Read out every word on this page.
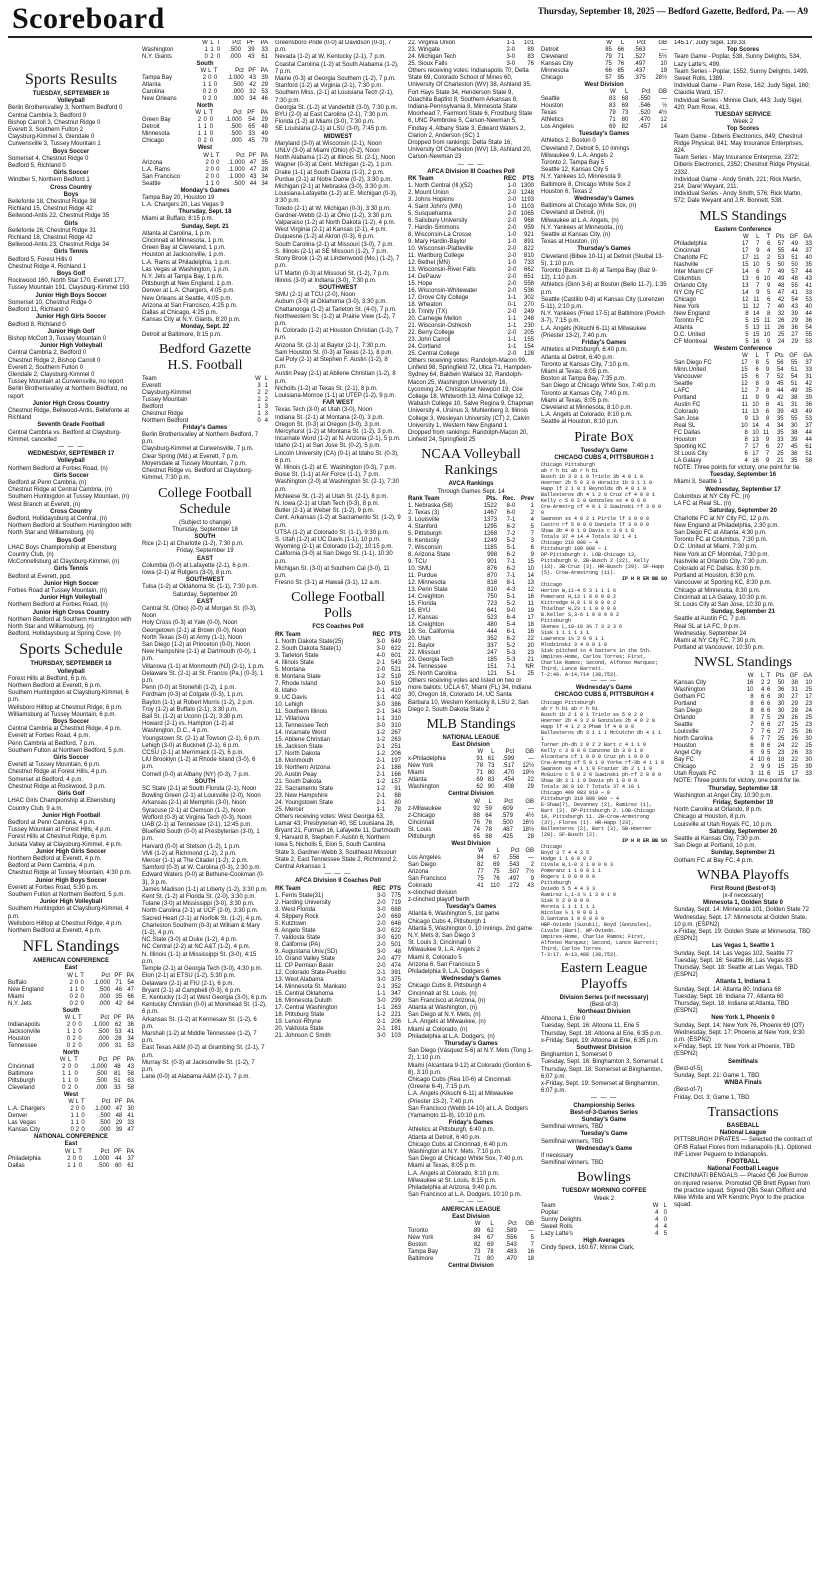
Scoreboard	Thursday, September 18, 2025 — Bedford Gazette, Bedford, Pa. — A9
Sports Results
TUESDAY, SEPTEMBER 16
Volleyball

Berlin Brothersvalley 3, Northern Bedford 0

Central Cambria 3, Bedford 0

Bishop Carroll 3, Chestnut Ridge 0

Everett 3, Southern Fulton 2

Claysburg-Kimmel 3, Glendale 0

Curwensville 3, Tussey Mountain 1

Boys Soccer

Somerset 4, Chestnut Ridge 0

Bedford 5, Richland 0

Girls Soccer

Windber 5, Northern Bedford 1

Cross Country
Boys

Bellefonte 18, Chestnut Ridge 38

Richland 15, Chestnut Ridge 42

Bellwood-Antis 22, Chestnut Ridge 35

Girls

Bellefonte 26, Chestnut Ridge 31

Richland 18, Chestnut Ridge 42

Bellwood-Antis 23, Chestnut Ridge 34

Girls Tennis

Bedford 5, Forest Hills 0

Chestnut Ridge 4, Richland 1

Boys Golf

Rockwood 160, North Star 170, Everett 177, Tussey Mountain 191, Claysburg-Kimmel 193

Junior High Boys Soccer

Somerset 10, Chestnut Ridge 0

Bedford 11, Richland 0

Junior High Girls Soccer

Bedford 8, Richland 0

Junior High Golf

Bishop McCort 3, Tussey Mountain 0

Junior High Volleyball

Central Cambria 2, Bedford 0

Chestnut Ridge 2, Bishop Carroll 0

Everett 2, Southern Fulton 0

Glendale 2, Claysburg-Kimmel 0

Tussey Mountain at Curwensville, no report

Berlin Brothersvalley at Northern Bedford, no report

Junior High Cross Country

Chestnut Ridge, Bellwood-Antis, Bellefonte at Richland

Seventh Grade Football

Central Cambria vs. Bedford at Claysburg-Kimmel, cancelled

— — —
WEDNESDAY, SEPTEMBER 17
Volleyball

Northern Bedford at Forbes Road, (n)

Girls Soccer

Bedford at Penn Cambria, (n)

Chestnut Ridge at Central Cambria, (n)

Southern Huntingdon at Tussey Mountain, (n)

West Branch at Everett, (n)

Cross Country

Bedford, Hollidaysburg at Central, (n)

Northern Bedford at Southern Huntingdon with North Star and Williamsburg, (n)

Boys Golf

LHAC Boys Championship at Ebensburg Country Club, (n)

McConnellsburg at Claysburg-Kimmel, (n)

Girls Tennis

Bedford at Everett, ppd.

Junior High Soccer

Forbes Road at Tussey Mountain, (n)

Junior High Volleyball

Northern Bedford at Forbes Road, (n)

Junior High Cross Country

Northern Bedford at Southern Huntingdon with North Star and Williamsburg, (n)

Bedford, Hollidaysburg at Spring Cove, (n)

Sports Schedule
THURSDAY, SEPTEMBER 18
Volleyball

Forest Hills at Bedford, 6 p.m.

Northern Bedford at Everett, 6 p.m.

Southern Huntingdon at Claysburg-Kimmel, 6 p.m.

Wellsboro Hilltop at Chestnut Ridge, 6 p.m.

Williamsburg at Tussey Mountain, 6 p.m.

Boys Soccer

Central Cambria at Chestnut Ridge, 4 p.m.

Everett at Forbes Road, 4 p.m.

Penn Cambria at Bedford, 7 p.m.

Southern Fulton at Northern Bedford, 5 p.m.

Girls Soccer

Everett at Tussey Mountain, 6 p.m.

Chestnut Ridge at Forest Hills, 4 p.m.

Somerset at Bedford, 4 p.m.

Chestnut Ridge at Rockwood, 3 p.m.

Girls Golf

LHAC Girls Championship at Ebensburg Country Club, 9 a.m.

Junior High Football

Bedford at Penn Cambria, 4 p.m.

Tussey Mountain at Forest Hills, 4 p.m.

Forest Hills at Chestnut Ridge, 6 p.m.

Juniata Valley at Claysburg-Kimmel, 4 p.m.

Junior High Girls Soccer

Northern Bedford at Everett, 4 p.m.

Bedford at Penn Cambria, 4 p.m.

Chestnut Ridge at Tussey Mountain, 4:30 p.m.

Junior High Boys Soccer

Everett at Forbes Road, 5:30 p.m.

Southern Fulton at Northern Bedford, 5 p.m.

Junior High Volleyball

Southern Huntingdon at Claysburg-Kimmel, 4 p.m.

Wellsboro Hilltop at Chestnut Ridge, 4 p.m.

Northern Bedford at Everett, 4 p.m.

NFL Standings
AMERICAN CONFERENCE
East
	W	L	T	Pct	PF	PA
Buffalo	2	0	0	.1.000	71	54
New England	1	1	0	.500	46	47
Miami	0	2	0	.000	35	66
N.Y. Jets	0	2	0	.000	42	64
South
	W	L	T	Pct	PF	PA
Indianapolis	2	0	0	.1.000	62	36
Jacksonville	1	1	0	.500	53	41
Houston	0	2	0	.000	28	34
Tennessee	0	2	0	.000	31	53
North
	W	L	T	Pct	PF	PA
Cincinnati	2	0	0	.1.000	48	43
Baltimore	1	1	0	.500	81	58
Pittsburgh	1	1	0	.500	51	63
Cleveland	0	2	0	.000	33	58
West
	W	L	T	Pct	PF	PA
L.A. Chargers	2	0	0	.1.000	47	30
Denver	1	1	0	.500	48	41
Las Vegas	1	1	0	.500	29	33
Kansas City	0	2	0	.000	39	47
NATIONAL CONFERENCE
East
	W	L	T	Pct	PF	PA
Philadelphia	2	0	0	.1.000	44	37
Dallas	1	1	0	.500	60	61
	W	L	T	Pct	PF	PA
Washington	1	1	0	.500	39	33
N.Y. Giants	0	2	0	.000	43	61
South
	W	L	T	Pct	PF	PA
Tampa Bay	2	0	0	.1.000	43	39
Atlanta	1	1	0	.500	42	29
Carolina	0	2	0	.000	32	53
New Orleans	0	2	0	.000	34	46
North
	W	L	T	Pct	PF	PA
Green Bay	2	0	0	.1.000	54	29
Detroit	1	1	0	.500	65	48
Minnesota	1	1	0	.500	33	49
Chicago	0	2	0	.000	45	79
West
	W	L	T	Pct	PF	PA
Arizona	2	0	0	.1.000	47	35
L.A. Rams	2	0	0	.1.000	47	28
San Francisco	2	0	0	.1.000	43	34
Seattle	1	1	0	.500	44	34
Monday's Games

Tampa Bay 20, Houston 19

L.A. Chargers 20, Las Vegas 9

Thursday, Sept. 18

Miami at Buffalo, 8:15 p.m.

Sunday, Sept. 21

Atlanta at Carolina, 1 p.m.

Cincinnati at Minnesota, 1 p.m.

Green Bay at Cleveland, 1 p.m.

Houston at Jacksonville, 1 p.m.

L.A. Rams at Philadelphia, 1 p.m.

Las Vegas at Washington, 1 p.m.

N.Y. Jets at Tampa Bay, 1 p.m.

Pittsburgh at New England, 1 p.m.

Denver at L.A. Chargers, 4:05 p.m.

New Orleans at Seattle, 4:05 p.m.

Arizona at San Francisco, 4:25 p.m.

Dallas at Chicago, 4:25 p.m.

Kansas City at N.Y. Giants, 8:20 p.m.

Monday, Sept. 22

Detroit at Baltimore, 8:15 p.m.

Bedford Gazette
H.S. Football
Team	W	L
Everett	3	1
Claysburg-Kimmel	2	2
Tussey Mountain	2	2
Bedford	1	3
Chestnut Ridge	1	3
Northern Bedford	0	4
Friday's Games

Berlin Brothersvalley at Northern Bedford, 7 p.m.

Claysburg-Kimmel at Curwensville, 7 p.m.

Clear Spring (Md.) at Everett, 7 p.m.

Moyersdale at Tussey Mountain, 7 p.m.

Chestnut Ridge vs. Bedford at Claysburg-Kimmel, 7:30 p.m.

College Football
Schedule
(Subject to change)
Thursday, September 18
SOUTH

Rice (2-1) at Charlotte (1-2), 7:30 p.m.

Friday, September 19
EAST

Columbia (0-0) at Lafayette (2-1), 6 p.m.

Iowa (2-1) at Rutgers (3-0), 8 p.m.

SOUTHWEST

Tulsa (1-2) at Oklahoma St. (1-1), 7:30 p.m.

Saturday, September 20
EAST

Central St. (Ohio) (0-0) at Morgan St. (0-3), Noon

Holy Cross (0-3) at Yale (0-0), Noon

Georgetown (2-1) at Brown (0-0), Noon

North Texas (3-0) at Army (1-1), Noon

San Diego (1-2) at Princeton (0-0), Noon

New Hampshire (2-1) at Dartmouth (0-0), 1 p.m.

Villanova (1-1) at Monmouth (NJ) (2-1), 1 p.m.

Delaware St. (2-1) at St. Francis (Pa.) (0-3), 1 p.m.

Penn (0-0) at Stonehill (1-2), 1 p.m.

Fordham (0-3) at Colgate (0-3), 1 p.m.

Bayton (1-1) at Robert Morris (1-2), 2 p.m.

Troy (1-2) at Buffalo (2-1), 3:30 p.m.

Ball St. (1-2) at Uconn (1-2), 3:30 p.m.

Howard (2-1) vs. Hampton (1-2) at Washington, D.C., 4 p.m.

Youngstown St. (2-1) at Towson (2-1), 6 p.m.

Lehigh (3-0) at Bucknell (2-1), 6 p.m.

CCSU (2-1) at Merrimack (1-2), 6 p.m.

LIU Brooklyn (1-2) at Rhode Island (3-0), 6 p.m.

Cornell (0-0) at Albany (NY) (0-3), 7 p.m.

SOUTH

SC State (2-1) at South Florida (2-1), Noon

Bowling Green (2-1) at Louisville (2-0), Noon

Arkansas (2-1) at Memphis (3-0), Noon

Syracuse (2-1) at Clemson (1-2), Noon

Wofford (0-3) at Virginia Tech (0-3), Noon

UAB (2-1) at Tennessee (2-1), 12:45 p.m.

Bluefield South (0-0) at Presbyterian (3-0), 1 p.m.

Harvard (0-0) at Stetson (1-2), 1 p.m.

VMI (1-2) at Richmond (1-2), 2 p.m.

Mercer (1-1) at The Citadel (1-2), 2 p.m.

Samford (0-3) at W. Carolina (0-3), 2:30 p.m.

Edward Waters (0-0) at Bethune-Cookman (0-3), 3 p.m.

James Madison (1-1) at Liberty (1-2), 3:30 p.m.

Kent St. (1-2) at Florida St. (2-0), 3:30 p.m.

Tulane (3-0) at Mississippi (3-0), 3:30 p.m.

North Carolina (2-1) at UCF (2-0), 3:30 p.m.

Sacred Heart (2-1) at Norfolk St. (1-2), 4 p.m.

Charleston Southern (0-3) at William & Mary (1-2), 4 p.m.

NC State (3-0) at Duke (1-2), 4 p.m.

NC Central (2-2) at NC A&T (1-2), 4 p.m.

N. Illinois (1-1) at Mississippi St. (3-0), 4:15 p.m.

Temple (2-1) at Georgia Tech (3-0), 4:30 p.m.

Elon (2-1) at ETSU (1-2), 5:30 p.m.

Delaware (2-1) at FIU (2-1), 6 p.m.

Bryant (2-1) at Campbell (0-3), 6 p.m.

E. Kentucky (1-2) at West Georgia (3-0), 6 p.m.

Kentucky Christian (0-0) at Morehead St. (1-2), 6 p.m.

Arkansas St. (1-2) at Kennesaw St. (1-2), 6 p.m.

Marshall (1-2) at Middle Tennessee (1-2), 7 p.m.

East Texas A&M (0-2) at Gramblng St. (2-1), 7 p.m.

Murray St. (0-3) at Jacksonville St. (1-2), 7 p.m.

Lane (0-0) at Alabama A&M (2-1), 7 p.m.

Greensboro Pride (0-0) at Davidson (0-3), 7 p.m.

Nevada (1-2) at W. Kentucky (2-1), 7 p.m.

Coastal Carolina (1-2) at South Alabama (1-2), 7 p.m.

Maine (0-3) at Georgia Southern (1-2), 7 p.m.

Stanford (1-2) at Virginia (2-1), 7:30 p.m.

Southern Miss. (2-1) at Louisiana Tech (2-1), 7:30 p.m.

Georgia St. (1-2) at Vanderbilt (3-0), 7:30 p.m.

BYU (2-0) at East Carolina (2-1), 7:30 p.m.

Florida (1-2) at Miami (3-0), 7:30 p.m.

SE Louisiana (2-1) at LSU (3-0), 7:45 p.m.

MIDWEST

Maryland (3-0) at Wisconsin (2-1), Noon

UNLV (3-0) at Miami (Ohio) (0-2), Noon

North Alabama (1-2) at Illinois St. (2-1), Noon

Wagner (0-3) at Cent. Michigan (1-2), 1 p.m.

Drake (1-1) at South Dakota (1-2), 2 p.m.

Purdue (2-1) at Notre Dame (0-2), 3:30 p.m.

Michigan (2-1) at Nebraska (3-0), 3:30 p.m.

Louisiana-Lafayette (1-2) at E. Michigan (0-3), 3:30 p.m.

Toledo (2-1) at W. Michigan (0-3), 3:30 p.m.

Gardner-Webb (2-1) at Ohio (1-2), 3:30 p.m.

Valparaiso (1-2) at North Dakota (1-2), 4 p.m.

West Virginia (2-1) at Kansas (2-1), 4 p.m.

Duquesne (1-2) at Akron (0-3), 6 p.m.

South Carolina (2-1) at Missouri (3-0), 7 p.m.

S. Illinois (2-1) at SE Missouri (1-2), 7 p.m.

Stony Brook (1-2) at Lindenwood (Mo.) (1-2), 7 p.m.

UT Martin (0-3) at Missouri St. (1-2), 7 p.m.

Illinois (3-0) at Indiana (3-0), 7:30 p.m.

SOUTHWEST

SMU (2-1) at TCU (2-0), Noon

Auburn (3-0) at Oklahoma (3-0), 3:30 p.m.

Chattanooga (1-2) at Tarleton St. (4-0), 7 p.m.

Northwestern St. (1-2) at Prairie View (1-2), 7 p.m.

N. Colorado (1-2) at Houston Christian (1-2), 7 p.m.

Arizona St. (2-1) at Baylor (2-1), 7:30 p.m.

Sam Houston St. (0-3) at Texas (2-1), 8 p.m.

Cal Poly (2-1) at Stephen F. Austin (1-2), 8 p.m.

Austin Peay (2-1) at Abilene Christian (1-2), 8 p.m.

Nicholls (1-2) at Texas St. (2-1), 8 p.m.

Louisiana-Monroe (1-1) at UTEP (1-2), 9 p.m.

FAR WEST

Texas Tech (3-0) at Utah (3-0), Noon

Indiana St. (2-1) at Montana (2-0), 3 p.m.

Oregon St. (0-3) at Oregon (3-0), 3 p.m.

Mercyhurst (1-2) at Montana St. (1-2), 3 p.m.

Incarnate Word (1-2) at N. Arizona (2-1), 5 p.m.

Idaho (2-1) at San Jose St. (0-2), 5 p.m.

Lincoln University (CA) (0-1) at Idaho St. (0-3), 6 p.m.

W. Illinois (1-2) at E. Washington (0-3), 7 p.m.

Boise St. (1-1) at Air Force (1-1), 7 p.m.

Washington (2-0) at Washington St. (2-1), 7:30 p.m.

McNeese St. (1-2) at Utah St. (2-1), 8 p.m.

N. Iowa (2-1) at Utah Tech (0-3), 8 p.m.

Butler (2-1) at Weber St. (1-2), 9 p.m.

Cent. Arkansas (1-2) at Sacramento St. (1-2), 9 p.m.

UTSA (1-2) at Colorado St. (1-1), 9:30 p.m.

S. Utah (1-2) at UC Davis (1-1), 10 p.m.

Wyoming (2-1) at Colorado (1-2), 10:15 p.m.

California (3-0) at San Diego St. (1-1), 10:30 p.m.

Michigan St. (3-0) at Southern Cal (3-0), 11 p.m.

Fresno St. (3-1) at Hawaii (3-1), 12 a.m.

College Football
Polls
FCS Coaches Poll
RK Team	REC	PTS
1. North Dakota State(25)	3-0	649
2. South Dakota State(1)	3-0	622
3. Tarleton State	4-0	601
4. Illinois State	2-1	543
5. Montana	2-0	521
6. Montana State	1-2	519
7. Rhode Island	3-0	519
8. Idaho	2-1	410
9. UC Davis	1-1	402
10. Lehigh	3-0	386
11. Southern Illinois	2-1	343
12. Villanova	1-1	310
13. Tennessee Tech	3-0	310
14. Incarnate Word	1-2	267
15. Abilene Christian	1-2	263
16. Jackson State	2-1	251
17. North Dakota	1-2	206
18. Monmouth	2-1	197
19. Northern Arizona	2-1	188
20. Austin Peay	2-1	166
21. South Dakota	1-2	157
22. Sacramento State	1-2	91
23. New Hampshire	2-1	88
24. Youngstown State	2-1	80
25. Mercer	1-1	78

Others receiving votes: West Georgia 63, Lamar 43, Presbyterian 40, SE Louisiana 28, Bryant 21, Furman 16, Lafayette 11, Dartmouth 9, Harvard 8, Stephen F. Austin 6, Northern Iowa 5, Nicholls 5, Elon 5, South Carolina State 3, Gardner-Webb 3, Southeast Missouri State 2, East Tennessee State 2, Richmond 2, Central Arkansas 1

— — —
AFCA Division II Coaches Poll
RK Team	REC	PTS
1. Ferris State(31)	3-0	775
2. Harding University	2-0	719
3. West Florida	3-0	688
4. Slippery Rock	2-0	669
5. Kutztown	2-0	648
6. Angelo State	3-0	622
7. Valdosta State	3-0	620
8. California (PA)	2-0	501
9. Augustana Univ.(SD)	3-0	48
10. Grand Valley State	2-0	477
11. CP Permian Basin	2-0	474
12. Colorado State-Pueblo	2-1	391
13. West Alabama	3-0	375
14. Minnesota St. Mankato	2-1	352
15. Central Oklahoma	1-1	347
16. Minnesota Duluth	3-0	299
17. Central Washington	1-1	263
18. Pittsburg State	1-2	221
19. Lenoir-Rhyne	2-1	206
20. Valdosta State	2-1	161
21. Johnson C Smith	3-0	103
22. Virginia Union	1-1	101
23. Wingate	2-0	89
24. Michigan Tech	3-0	83
25. Sioux Falls	3-0	76

Others receiving votes: Indianapolis 70, Delta State 69, Colorado School of Mines 60, University Of Charleston (WV) 38, Ashland 35, Fort Hays State 34, Henderson State 9, Ouachita Baptist 8, Southern Arkansas 8, Indiana-Pennsylvania 8, Minnesota State Moorhead 7, Fairmont State 6, Frostburg State 6, UNC Pembroke 5, Carson-Newman 5, Findlay 4, Albany State 3, Edward Waters 2, Clarion 2, Anderson (SC) 1

Dropped from rankings: Delta State 16, University Of Charleston (WV) 18, Ashland 20, Carson-Newman 23

— — —
AFCA Division III Coaches Poll
RK Team	REC	PTS
1. North Central (Ill.)(52)	1-0	1300
2. Mount Union	2-0	1248
3. Johns Hopkins	2-0	1193
4. Saint John's (MN)	1-0	1103
5. Susquehanna	2-0	1065
6. Salisbury University	2-0	968
7. Hardin-Simmons	2-0	959
8. Wisconsin-La Crosse	1-0	921
9. Mary Hardin-Baylor	1-0	891
10. Wisconsin-Platteville	2-0	822
11. Wartburg College	2-0	810
12. Bethel (MN)	1-0	733
13. Wisconsin-River Falls	2-0	662
14. DePauw	2-0	651
15. Hope	2-0	558
16. Wisconsin-Whitewater	2-0	536
17. Grove City College	1-1	302
18. Wheaton	0-1	270
19. Trinity (TX)	2-0	249
20. Carnegie Mellon	1-1	248
21. Wisconsin-Oshkosh	1-1	230
22. Berry College	2-0	205
23. John Carroll	1-1	155
24. Cortland	1-1	154
25. Central College	2-0	128

Others receiving votes: Randolph-Macon 99, Linfield 98, Springfield 72, Utica 71, Hampden-Sydney 64, Baldwin Wallace 32, Randolph-Macon 25, Washington University 16, Lycoming 24, Christopher Newport 19, Coe College 18, Whitworth 13, Alma College 12, Wabash College 10, Salve Regina 9, Chapman University 4, Ursinus 3, Muhlenberg 3, Illinois College 3, Wesleyan University (CT) 2, Calvin University 1, Western New England 1

Dropped from rankings: Randolph-Macon 20, Linfield 24, Springfield 25

NCAA Volleyball
Rankings
AVCA Rankings
Through Games Sept. 14
Rank Team	Pts.	Rec.	Prev
1. Nebraska (58)	1522	8-0	1
2. Texas (3)	1467	6-0	2
3. Louisville	1373	7-1	4
4. Stanford	1295	6-2	5
5. Pittsburgh	1268	7-2	7
6. Kentucky	1249	5-2	3
7. Wisconsin	1185	5-1	6
8. Arizona State	998	6-2	9
9. TCU	901	7-1	15
10. SMU	876	6-2	10
11. Purdue	870	7-1	14
12. Minnesota	818	8-1	13
13. Penn State	810	4-3	12
14. Creighton	750	5-1	16
15. Florida	723	5-2	11
16. BYU	641	9-0	19
17. Kansas	523	6-4	17
18. Creighton	480	5-4	18
19. So. California	444	6-1	16
20. Utah	352	6-2	22
21. Baylor	337	5-2	20
22. Missouri	247	5-3	23
23. Georgia Tech	185	5-3	21
24. Tennessee	151	7-1	NR
25. North Carolina	121	5-1	25

Others receiving votes and listed on two or more ballots: UCLA 67, Miami (FL) 34, Indiana 30, Oregon 16, Colorado 14, UC Santa Barbara 10, Western Kentucky 8, LSU 2, San Diego 2, South Dakota State 2

MLB Standings
NATIONAL LEAGUE
East Division
	W	L	Pct	GB
x-Philadelphia	91	61	.599	—
New York	78	73	.517	12½
Miami	71	80	.470	19½
Atlanta	69	83	.454	22
Washington	62	90	.408	29
Central Division
	W	L	Pct	GB
z-Milwaukee	92	59	.609	—
z-Chicago	88	64	.579	4½
Cincinnati	76	76	.500	16½
St. Louis	74	78	.487	18½
Pittsburgh	65	88	.425	28
West Division
	W	L	Pct	GB
Los Angeles	84	67	.556	—
San Diego	82	69	.543	2
Arizona	77	75	.507	7½
San Francisco	75	76	.497	9
Colorado	41	110	.272	43

x-clinched division

z-clinched playoff berth

Tuesday's Games

Atlanta 6, Washington 5, 1st game

Chicago Cubs 4, Pittsburgh 1

Atlanta 5, Washington 0, 10 innings, 2nd game

N.Y. Mets 8, San Diego 3

St. Louis 3, Cincinnati 0

Milwaukee 9, L.A. Angels 2

Miami 8, Colorado 5

Arizona 6, San Francisco 5

Philadelphia 9, L.A. Dodgers 6

Wednesday's Games

Chicago Cubs 8, Pittsburgh 4

Cincinnati at St. Louis, (n)

San Francisco at Arizona, (n)

Atlanta at Washington, (n)

San Diego at N.Y. Mets, (n)

L.A. Angels at Milwaukee, (n)

Miami at Colorado, (n)

Philadelphia at L.A. Dodgers, (n)

Thursday's Games

San Diego (Vásquez 5-6) at N.Y. Mets (Tong 1-2), 1:10 p.m.

Miami (Alcantara 9-12) at Colorado (Gordon 6-8), 3:10 p.m.

Chicago Cubs (Rea 10-6) at Cincinnati (Greene 6-4), 7:15 p.m.

L.A. Angels (Kikuchi 6-11) at Milwaukee (Priester 13-2), 7:40 p.m.

San Francisco (Webb 14-10) at L.A. Dodgers (Yamamoto 11-8), 10:10 p.m.

Friday's Games

Athletics at Pittsburgh, 6:40 p.m.

Atlanta at Detroit, 6:40 p.m.

Chicago Cubs at Cincinnati, 6:40 p.m.

Washington at N.Y. Mets, 7:10 p.m.

San Diego at Chicago White Sox, 7:40 p.m.

Miami at Texas, 8:05 p.m.

L.A. Angels at Colorado, 8:10 p.m.

Milwaukee at St. Louis, 8:15 p.m.

Philadelphia at Arizona, 9:40 p.m.

San Francisco at L.A. Dodgers, 10:10 p.m.

— — —
AMERICAN LEAGUE
East Division
	W	L	Pct	GB
Toronto	89	62	.589	—
New York	84	67	.556	5
Boston	82	69	.543	7
Tampa Bay	73	78	.483	16
Baltimore	71	80	.470	18
Central Division
	W	L	Pct	GB
Detroit	85	66	.563	—
Cleveland	79	71	.527	5½
Kansas City	75	76	.497	10
Minnesota	66	85	.437	19
Chicago	57	95	.375	28½
West Division
	W	L	Pct	GB
Seattle	83	68	.550	—
Houston	83	69	.546	½
Texas	79	73	.520	4½
Athletics	71	80	.470	12
Los Angeles	69	82	.457	14
Tuesday's Games

Athletics 2, Boston 0

Cleveland 7, Detroit 5, 10 innings

Milwaukee 9, L.A. Angels 2

Toronto 2, Tampa Bay 5

Seattle 12, Kansas City 5

N.Y. Yankees 10, Minnesota 9

Baltimore 8, Chicago White Sox 2

Houston 6, Texas 2

Wednesday's Games

Baltimore at Chicago White Sox, (n)

Cleveland at Detroit, (n)

Milwaukee at L.A. Angels, (n)

N.Y. Yankees at Minnesota, (n)

Seattle at Kansas City, (n)

Texas at Houston, (n)

Thursday's Games

Cleveland (Bibee 10-11) at Detroit (Skubal 13-5), 1:10 p.m.

Toronto (Bassitt 11-8) at Tampa Bay (Baz 9-12), 1:10 p.m.

Athletics (Ginn 3-6) at Boston (Bello 11-7), 1:35 p.m.

Seattle (Castillo 9-8) at Kansas City (Lorenzen 5-11), 2:10 p.m.

N.Y. Yankees (Fried 17-5) at Baltimore (Povich 3-7), 7:15 p.m.

L.A. Angels (Kikuchi 6-11) at Milwaukee (Priester 13-2), 7:40 p.m.

Friday's Games

Athletics at Pittsburgh, 6:40 p.m.

Atlanta at Detroit, 6:40 p.m.

Toronto at Kansas City, 7:10 p.m.

Miami at Texas, 8:05 p.m.

Boston at Tampa Bay, 7:35 p.m.

San Diego at Chicago White Sox, 7:40 p.m.

Toronto at Kansas City, 7:40 p.m.

Miami at Texas, 8:05 p.m.

Cleveland at Minnesota, 8:10 p.m.

L.A. Angels at Colorado, 8:10 p.m.

Seattle at Houston, 8:10 p.m.

Pirate Box
Tuesday's Game
CHICAGO CUBS 4, PITTSBURGH 1

Chicago Pittsburgh

ab r h bi ab r h bi

Busch 1b 3 0 1 0 Triolo 3b 4 0 1 0

Hoerner 2b 5 0 3 0 Horwitz 1b 3 1 1 0

Happ lf 2 1 0 1 Reynolds dh 4 0 1 0

Ballesteros dh 4 1 2 0 Cruz cf 4 0 0 1

Kelly c 5 0 2 0 Gonzales ss 4 0 0 0

Crw-Armstrg cf 4 0 1 2 Suwinski rf 3 0 0 0

Swanson ss 4 0 2 1 Pirtle lf 3 0 0 0

Castro rf 5 0 0 0 Daniels lf 3 0 0 0

Shaw 3b 4 0 1 0 Davis c 3 0 1 0

Totals 37 4 14 4 Totals 32 1 4 1

Chicago 210 000 — 4

Pittsburgh 100 000 — 1

DP-Pittsburgh 1. LOB-Chicago 13, Pittsburgh 8. 2B-Busch 2 (22), Kelly (13). 3B-Cruz (3). HR-Busch (29). SF-Happ (5). Crow-Armstrong (11).

IP H R ER BB SO

Chicago

Horton W,11-4 5 3 1 1 1 6

Pomeranz H,13 1 0 0 0 0 2

Kittredge H,8 1 0 0 0 0 2

Thielbar H,23 1 1 0 0 0 0

B.Keller S,3-6 1 0 0 0 0 2

Pittsburgh

Skenes L,10-10 3⅔ 7 3 3 3 6

Sisk 1 1 1 1 1 1

Lawrence 1⅓ 2 0 0 1 1

Mlodzinski 3 4 0 0 1 0

Sisk pitched to 4 batters in the 5th.

Umpires-Home, Carlos Torres; First, Charlie Ramos; Second, Alfonso Marquez; Third, Lance Barrett.

T-2:40. A-14,714 (38,753).

— — —
Wednesday's Game
CHICAGO CUBS 8, PITTSBURGH 4

Chicago Pittsburgh

ab r h bi ab r h bi

Busch 1b 2 1 0 1 Triolo ss 5 0 2 0

Hoerner 2b 4 3 2 0 Gonzales 2b 4 0 2 0

Happ lf 4 1 2 3 Pham lf 4 0 0 0

Ballesteros dh 3 1 1 1 McCutchn dh 4 1 1 1

Turner ph-dh 2 0 2 2 Bart c 4 1 1 0

Kelly c 3 0 0 0 Canzone 1b 3 0 1 0

Alcantara cf 1 0 0 0 Cruz ph 1 0 0 0

Crw-Armstg cf 5 0 1 0 Yorke rf-3b 4 1 1 0

Swanson ss 4 1 1 0 Frazier 3b 2 1 1 0

McGuire c 5 0 2 0 Suwinski ph-rf 2 0 0 0

Shaw 3b 3 1 1 0 Davis ph 1 0 0 0

Totals 36 8 10 7 Totals 37 4 10 1

Chicago 400 003 010 — 8

Pittsburgh 310 000 000 — 4

E-Shaw(7), Devanney (2), Ramirez (1), Bart (3). DP-Pittsburgh 2. LOB-Chicago 10, Pittsburgh 11. 2B-Crow-Armstrong (37), Flores (1). HR-Happ (23), Ballesteros (2), Bart (3), SB-Hoerner (28). SF-Busch (2).

IP H R ER BB SO

Chicago

Boyd 3 7 4 4 2 5

Hodge 1 1 0 0 0 2

Civale W,1-0 3 1 0 0 0 3

Pomeranz 1 1 0 0 1 1

Rogers 1 0 0 0 0 0

Pittsburgh

Oviedo 5 5 4 4 3 3

Ramirez L,1-3 ⅓ 1 3 0 1 0

Sisk ½ 2 0 0 0 0

Moreta 1 1 1 1 1 1

Nicolas ⅔ 1 0 0 0 1

D.Santana 1 0 0 0 0 0

HBP-Oviedo (Suzuki), Boyd (Gonzales), Civale (Bart). WP-Oviedo.

Umpires-Home, Charlie Ramos; First, Alfonso Marquez; Second, Lance Barrett; Third, Carlos Torres.

T-3:17. A-13,488 (38,753).

Eastern League
Playoffs
Division Series (x-if necessary)
(Best-of-3)
Northeast Division

Altoona 1, Erie 0

Tuesday, Sept. 16: Altoona 11, Erie 5

Thursday, Sept. 18: Altoona at Erie, 6:35 p.m.

x-Friday, Sept. 19: Altoona at Erie, 6:35 p.m.

Southwest Division

Binghamton 1, Somerset 0

Tuesday, Sept. 16: Binghamton 3, Somerset 1

Thursday, Sept. 18: Somerset at Binghamton, 6:07 p.m.

x-Friday, Sept. 19: Somerset at Binghamton, 6:07 p.m.

— — —
Championship Series
Best-of-3-Games Series
Sunday's Game

Semifinal winners, TBD

Tuesday's Game

Semifinal winners, TBD

Wednesday's Game

If necessary

Semifinal winners, TBD

Bowlings
TUESDAY MORNING COFFEE
Week 2
Team	W	L
Poplar	4	0
Sunny Delights	4	0
Sweet Rolls	4	4
Lazy Latte's	4	5
High Averages

Cindy Speck, 160.67; Minnie Clark,

145.17; Judy Sigel, 139.33.

Top Scores

Team Game - Poplar, 538, Sunny Delights, 534, Lazy Latte's, 499.

Team Series - Poplar, 1552, Sunny Delights, 1499, Sweet Rolls, 1389.

Individual Game - Pam Rose, 162; Judy Sigel, 160; Claudia Ward, 157.

Individual Series - Minnie Clark, 443; Judy Sigel, 420; Pam Rose, 413.

TUESDAY SERVICE
Week 2
Top Scores

Team Game - Diberis Electronics, 849; Chestnut Ridge Physical, 841; May Insurance Enterprises, 824.

Team Series - May Insurance Enterprise, 2372; Diberis Electronics, 2352; Chestnut Ridge Physical, 2332.

Individual Game - Andy Smith, 221; Rick Martin, 214; Darel Weyant, 211.

Individual Series - Andy Smith, 576; Rick Martin, 572; Dale Weyant and J.R. Bonnett, 538.

MLS Standings
Eastern Conference
	W	L	T	Pts	GF	GA
Philadelphia	17	7	6	57	49	33
Cincinnati	17	9	4	55	44	37
Charlotte FC	17	11	2	53	51	40
Nashville	15	10	5	50	50	35
Inter Miami CF	14	6	7	49	57	44
Columbus	13	6	10	49	48	43
Orlando City	13	7	9	48	55	41
NY City FC	14	9	5	47	41	33
Chicago	12	11	6	42	54	53
New York	11	12	7	40	43	40
New England	8	14	8	32	39	44
Toronto FC	5	15	11	26	29	36
Atlanta	5	13	11	26	36	54
D.C. United	5	15	10	25	27	55
CF Montreal	5	16	9	24	29	53
Western Conference
	W	L	T	Pts	GF	GA
San Diego FC	17	8	5	56	55	37
Minn.United	15	6	9	54	51	33
Vancouver	15	6	7	52	54	31
Seattle	12	8	9	45	51	42
LAFC	12	7	8	44	49	35
Portland	11	9	9	42	38	39
Austin FC	11	10	8	41	31	36
Colorado	11	13	6	39	43	49
San Jose	9	13	8	35	55	53
Real SL	10	14	4	34	30	37
FC Dallas	8	10	11	35	38	44
Houston	8	13	9	33	39	44
Sporting KC	7	17	6	27	45	61
St Louis City	6	17	7	25	36	51
LA Galaxy	4	16	9	21	35	58

NOTE: Three points for victory, one point for tie.

Tuesday, September 16

Miami 3, Seattle 1

Wednesday, September 17

Columbus at NY City FC, (n)

LA FC at Real SL, (n)

Saturday, September 20

Charlotte FC at NY City FC, 12 p.m.

New England at Philadelphia, 2:30 p.m.

San Diego FC at Atlanta, 4:30 p.m.

Toronto FC at Columbus, 7:30 p.m.

D.C. United at Miami, 7:30 p.m.

New York at CF Montréal, 7:30 p.m.

Nashville at Orlando City, 7:30 p.m.

Colorado at FC Dallas, 8:30 p.m.

Portland at Houston, 8:30 p.m.

Vancouver at Sporting KC, 8:30 p.m.

Chicago at Minnesota, 8:30 p.m.

Cincinnati at LA Galaxy, 10:30 p.m.

St. Louis City at San Jose, 10:30 p.m.

Sunday, September 21

Seattle at Austin FC, 7 p.m.

Real SL at LA FC, 9 p.m.

Wednesday, September 24

Miami at NY City FC, 7:30 p.m.

Portland at Vancouver, 10:30 p.m.

NWSL Standings
	W	L	T	Pts	GF	GA
Kansas City	16	2	2	50	38	10
Washington	10	4	6	36	31	25
Gotham FC	8	6	6	30	27	17
Portland	8	6	6	30	29	23
San Diego	8	6	6	30	28	24
Orlando	8	7	5	29	26	25
Seattle	7	6	6	27	25	23
Louisville	7	7	6	27	25	26
North Carolina	6	7	7	25	26	30
Houston	6	8	6	24	22	25
Angel City	6	9	5	23	26	33
Bay FC	4	10	6	18	22	30
Chicago	2	9	9	15	25	39
Utah Royals FC	3	11	6	15	17	33

NOTE: Three points for victory, one point for tie.

Thursday, September 18

Washington at Angel City, 10:30 p.m.

Friday, September 19

North Carolina at Orlando, 8 p.m.

Chicago at Houston, 8 p.m.

Louisville at Utah Royals FC, 10 p.m.

Saturday, September 20

Seattle at Kansas City, 7:30 p.m.

San Diego at Portland, 10 p.m.

Sunday, September 21

Gotham FC at Bay FC, 4 p.m.

WNBA Playoffs
First Round (Best-of-3)
(x-if necessary)
Minnesota 1, Golden State 0

Sunday, Sept. 14: Minnesota 101, Golden State 72

Wednesday, Sept. 17: Minnesota at Golden State, 10 p.m. (ESPN2)

x-Friday, Sept. 19: Golden State at Minnesota, TBD (ESPN2)

Las Vegas 1, Seattle 1

Sunday, Sept. 14: Las Vegas 102, Seattle 77

Tuesday, Sept. 16: Seattle 86, Las Vegas 83

Thursday, Sept. 18: Seattle at Las Vegas, TBD (ESPN2)

Atlanta 1, Indiana 1

Sunday, Sept. 14: Atlanta 80, Indiana 68

Tuesday, Sept. 16: Indiana 77, Atlanta 60

Thursday, Sept. 18: Indiana at Atlanta, TBD (ESPN2)

New York 1, Phoenix 0

Sunday, Sept. 14: New York 76, Phoenix 69 (OT)

Wednesday, Sept. 17: Phoenix at New York, 9:30 p.m. (ESPN2)

x-Friday, Sept. 19: New York at Phoenix, TBD (ESPN2)

Semifinals

(Best-of-5)

Sunday, Sept. 21: Game 1, TBD

WNBA Finals

(Best-of-7)

Friday, Oct. 3: Game 1, TBD

Transactions
BASEBALL
National League

PITTSBURGH PIRATES — Selected the contract of OF/B Rafael Flores from Indianapolis (IL). Optioned INF Liover Peguero to Indianapolis.

FOOTBALL
National Football League

CINCINNATI BENGALS — Placed QB Joe Burrow on injured reserve. Promoted QB Brett Rypien from the practice squad. Signed QBs Sean Clifford and Mike White and WR Kendric Pryor to the practice squad.
